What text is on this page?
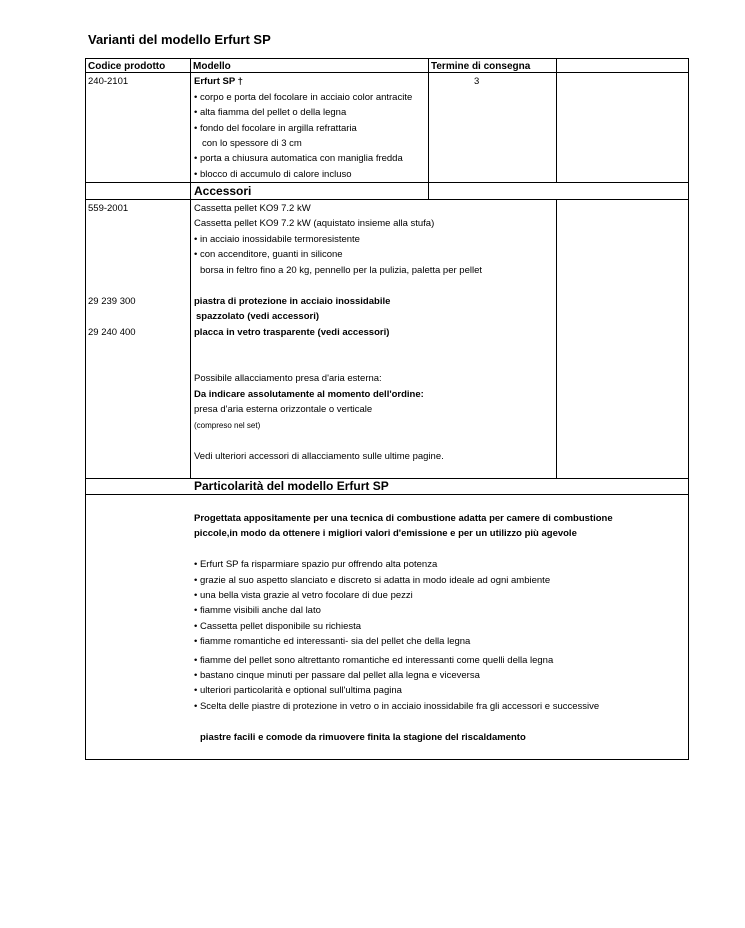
Varianti del modello Erfurt SP
Codice prodotto	Modello	Termine di consegna
240-2101	Erfurt SP †	3
• corpo e porta del focolare in acciaio color antracite
• alta fiamma del pellet o della legna
• fondo del focolare in argilla refrattaria
con lo spessore di 3 cm
• porta a chiusura automatica con maniglia fredda
• blocco di accumulo di calore incluso
Accessori
559-2001	Cassetta pellet KO9 7.2 kW
Cassetta pellet KO9 7.2 kW (aquistato insieme alla stufa)
• in acciaio inossidabile termoresistente
• con accenditore, guanti in silicone
borsa in feltro fino a 20 kg, pennello per la pulizia, paletta per pellet
29 239 300	piastra di protezione in acciaio inossidabile
spazzolato (vedi accessori)
29 240 400	placca in vetro trasparente (vedi accessori)
Possibile allacciamento presa d'aria esterna:
Da indicare assolutamente al momento dell'ordine:
presa d'aria esterna orizzontale o verticale
(compreso nel set)
Vedi ulteriori accessori di allacciamento sulle ultime pagine.
Particolarità del modello Erfurt SP
Progettata appositamente per una tecnica di combustione adatta per camere di combustione
piccole,in modo da ottenere i migliori valori d'emissione e per un utilizzo più agevole
• Erfurt SP fa risparmiare spazio pur offrendo alta potenza
• grazie al suo aspetto slanciato e discreto si adatta in modo ideale ad ogni ambiente
• una bella vista grazie al vetro focolare di due pezzi
• fiamme visibili anche dal lato
• Cassetta pellet disponibile su richiesta
• fiamme romantiche ed interessanti- sia del pellet che della legna
• fiamme del pellet sono altrettanto romantiche ed interessanti come quelli della legna
• bastano cinque minuti per passare dal pellet alla legna e viceversa
• ulteriori particolarità e optional sull'ultima pagina
• Scelta delle piastre di protezione in vetro o in acciaio inossidabile fra gli accessori e successive
piastre facili e comode da rimuovere finita la stagione del riscaldamento
